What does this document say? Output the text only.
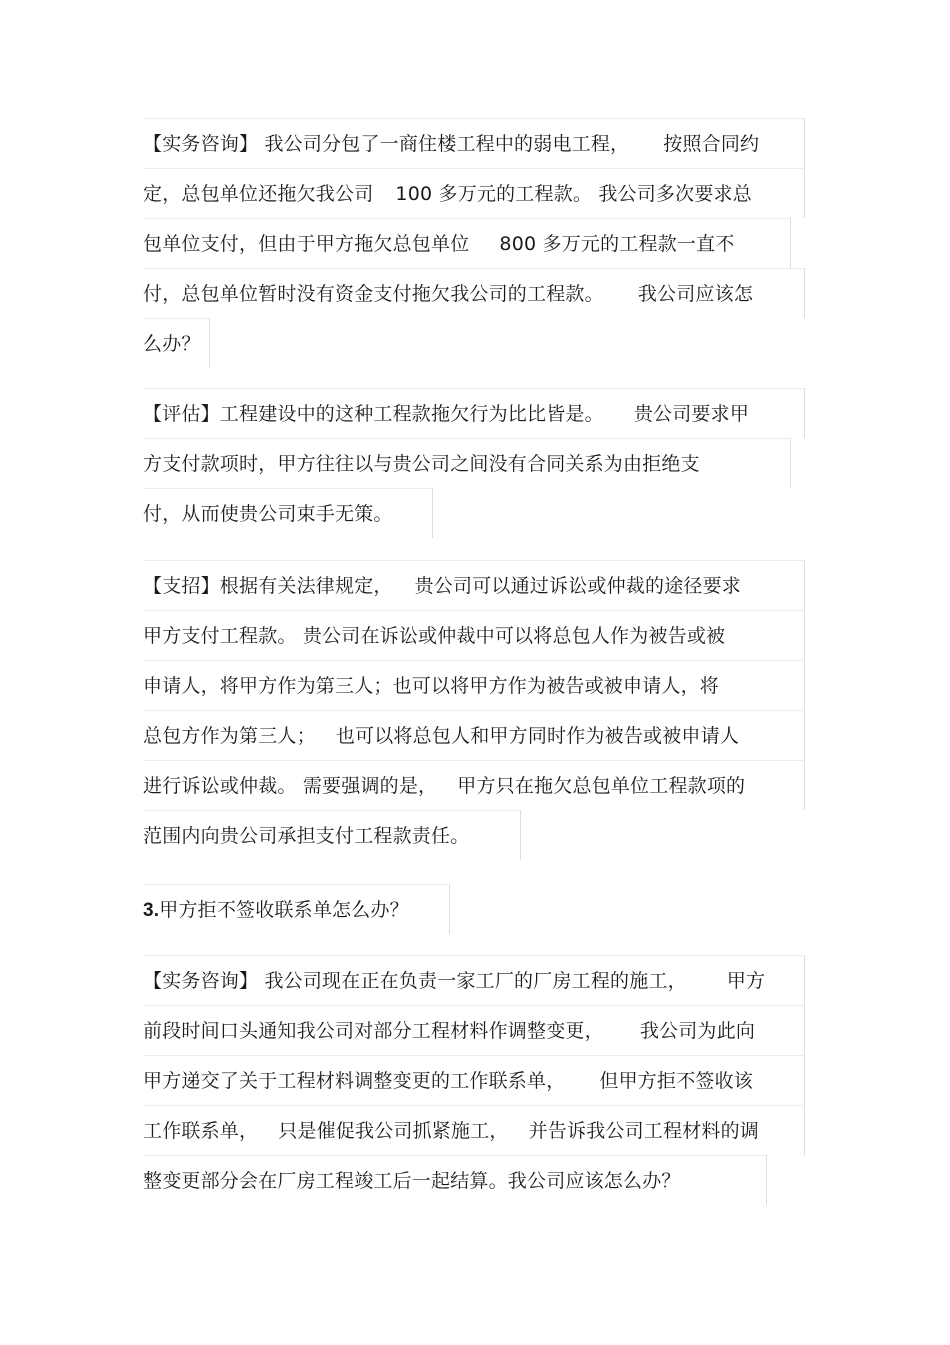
【实务咨询】 我公司分包了一商住楼工程中的弱电工程， 按照合同约
定，总包单位还拖欠我公司 100 多万元的工程款。 我公司多次要求总
包单位支付，但由于甲方拖欠总包单位 800 多万元的工程款一直不
付，总包单位暂时没有资金支付拖欠我公司的工程款。 我公司应该怎
么办？
【评估】工程建设中的这种工程款拖欠行为比比皆是。 贵公司要求甲
方支付款项时，甲方往往以与贵公司之间没有合同关系为由拒绝支
付，从而使贵公司束手无策。
【支招】根据有关法律规定， 贵公司可以通过诉讼或仲裁的途径要求
甲方支付工程款。 贵公司在诉讼或仲裁中可以将总包人作为被告或被
申请人，将甲方作为第三人；也可以将甲方作为被告或被申请人，将
总包方作为第三人； 也可以将总包人和甲方同时作为被告或被申请人
进行诉讼或仲裁。 需要强调的是， 甲方只在拖欠总包单位工程款项的
范围内向贵公司承担支付工程款责任。
3.甲方拒不签收联系单怎么办？
【实务咨询】 我公司现在正在负责一家工厂的厂房工程的施工， 甲方
前段时间口头通知我公司对部分工程材料作调整变更， 我公司为此向
甲方递交了关于工程材料调整变更的工作联系单， 但甲方拒不签收该
工作联系单， 只是催促我公司抓紧施工， 并告诉我公司工程材料的调
整变更部分会在厂房工程竣工后一起结算。我公司应该怎么办？
